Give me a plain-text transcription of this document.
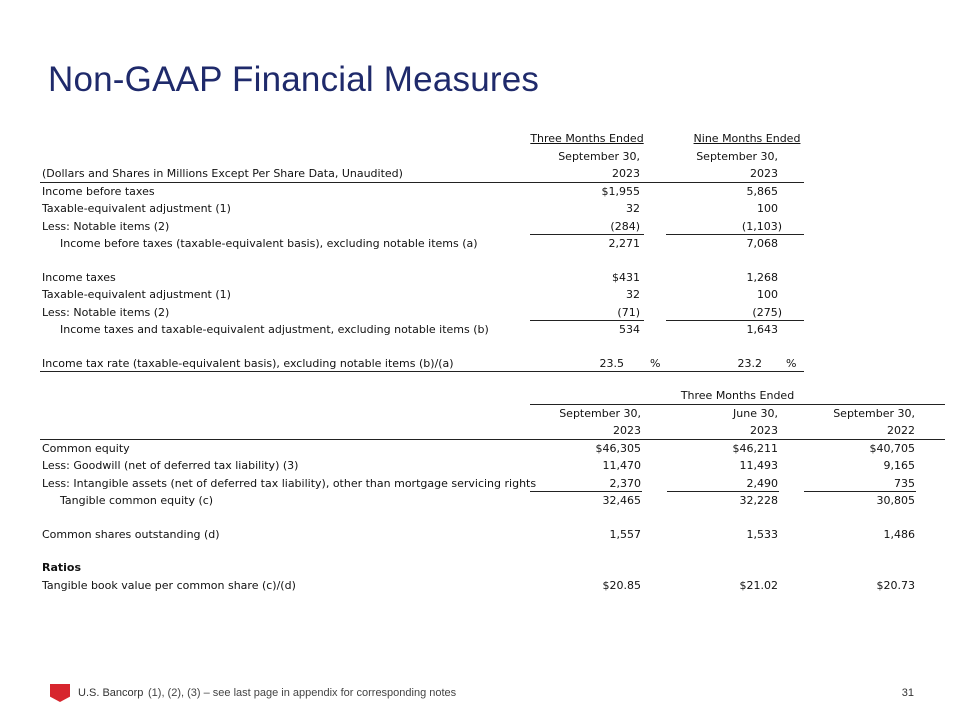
Non-GAAP Financial Measures
Three Months Ended	Nine Months Ended
September 30,	September 30,
(Dollars and Shares in Millions Except Per Share Data, Unaudited)	2023	2023
Income before taxes	$1,955	5,865
Taxable-equivalent adjustment (1)	32	100
Less: Notable items (2)	(284)	(1,103)
Income before taxes (taxable-equivalent basis), excluding notable items (a)	2,271	7,068
Income taxes	$431	1,268
Taxable-equivalent adjustment (1)	32	100
Less: Notable items (2)	(71)	(275)
Income taxes and taxable-equivalent adjustment, excluding notable items (b)	534	1,643
Income tax rate (taxable-equivalent basis), excluding notable items (b)/(a)	23.5 %	23.2 %
Three Months Ended
September 30,	June 30,	September 30,
2023	2023	2022
Common equity	$46,305	$46,211	$40,705
Less: Goodwill (net of deferred tax liability) (3)	11,470	11,493	9,165
Less: Intangible assets (net of deferred tax liability), other than mortgage servicing rights	2,370	2,490	735
Tangible common equity (c)	32,465	32,228	30,805
Common shares outstanding (d)	1,557	1,533	1,486
Ratios
Tangible book value per common share (c)/(d)	$20.85	$21.02	$20.73
U.S. Bancorp (1), (2), (3) – see last page in appendix for corresponding notes	31
